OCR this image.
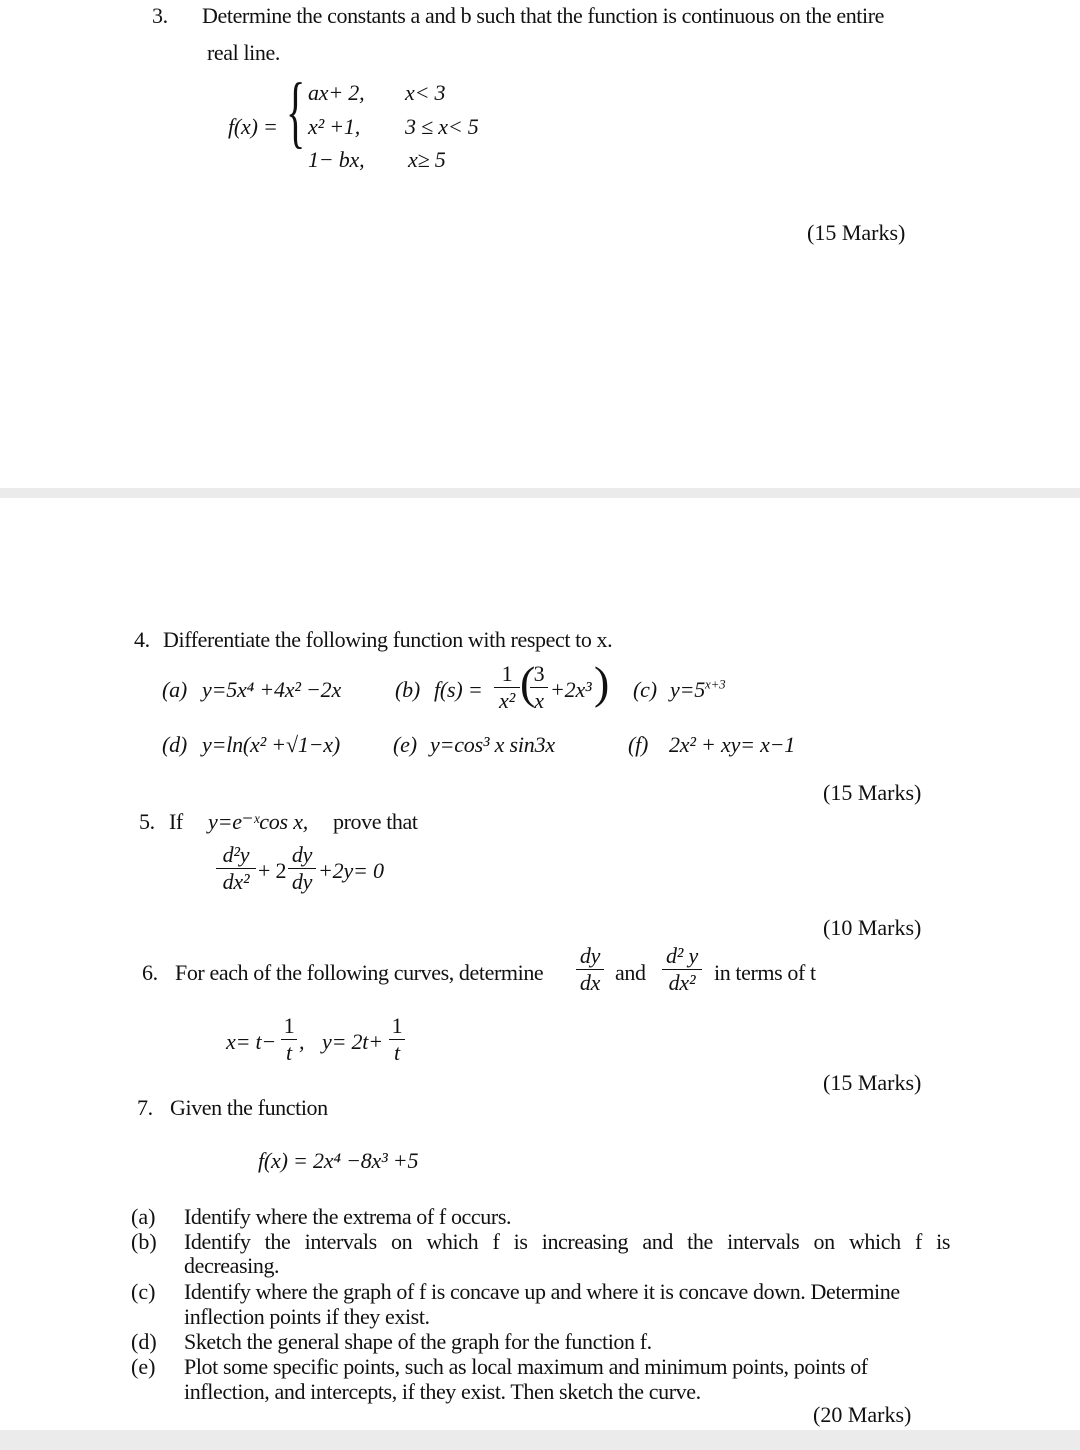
3. Determine the constants a and b such that the function is continuous on the entire
real line.
f(x) = { ax+ 2, x< 3
x² +1, 3 ≤ x< 5
1− bx, x≥ 5
(15 Marks)
4. Differentiate the following function with respect to x.
(a) y=5x⁴ +4x² −2x (b) f(s) =
1
x² (
3
x +2x³ ) (c) $y=5^{x+3}$
(d) y=ln(x² +√1−x) (e) y=cos³ x sin3x	(f) 2x² + xy= x−1
(15 Marks)
5. If y=e⁻ˣcos x, prove that
d²y
dx² + 2
dy
dy +2y= 0
(10 Marks)
6. For each of the following curves, determine
dy
dx and
d² y
dx² in terms of t
x= t−
1
t , y= 2t+
1
t
(15 Marks)
7. Given the function
f(x) = 2x⁴ −8x³ +5
(a) Identify where the extrema of f occurs.
(b) Identify the intervals on which f is increasing and the intervals on which f is
decreasing.
(c) Identify where the graph of f is concave up and where it is concave down. Determine
inflection points if they exist.
(d) Sketch the general shape of the graph for the function f.
(e) Plot some specific points, such as local maximum and minimum points, points of
inflection, and intercepts, if they exist. Then sketch the curve.
(20 Marks)
